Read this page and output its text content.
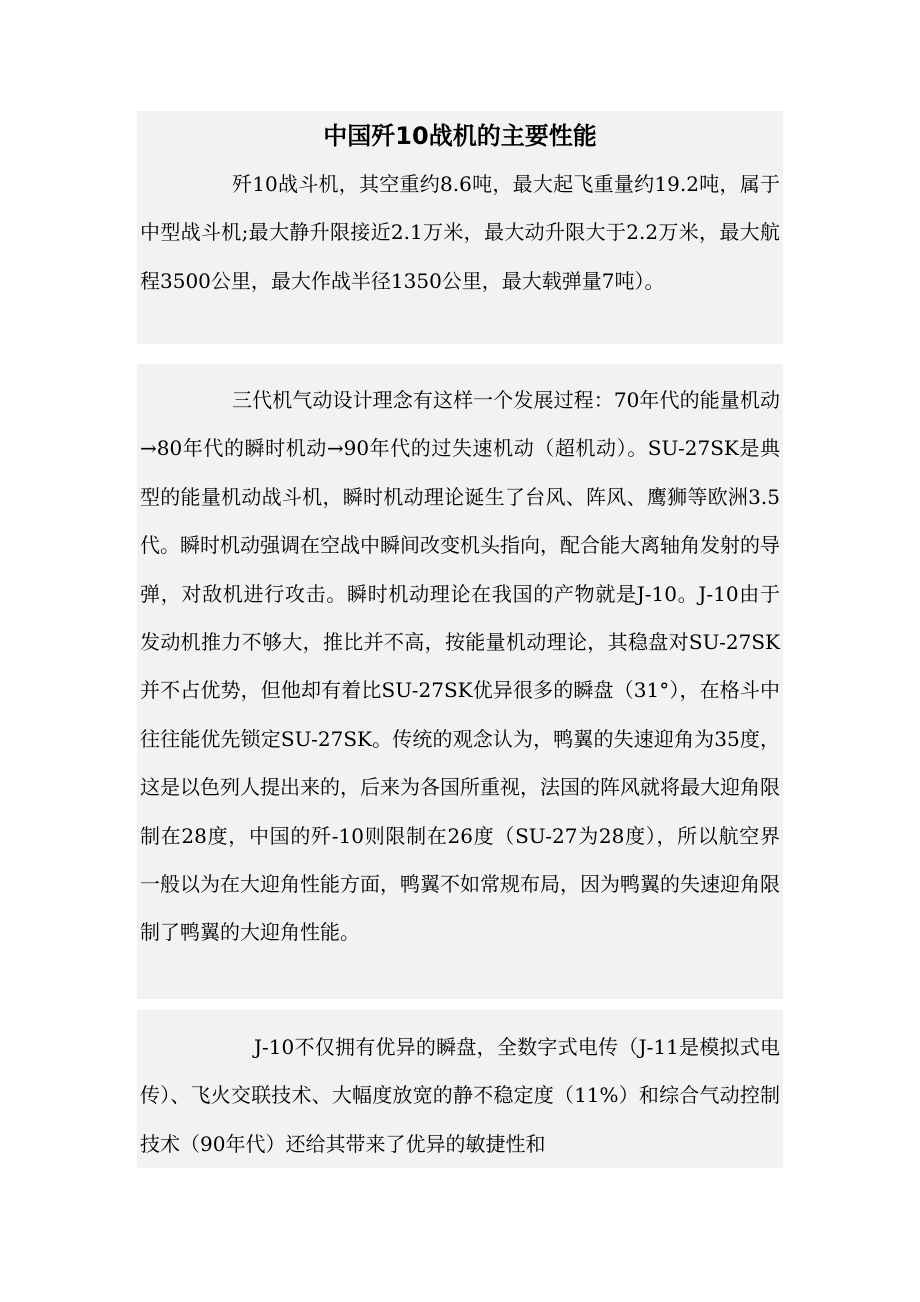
中国歼10战机的主要性能

歼10战斗机，其空重约8.6吨，最大起飞重量约19.2吨，属于中型战斗机;最大静升限接近2.1万米，最大动升限大于2.2万米，最大航程3500公里，最大作战半径1350公里，最大载弹量7吨）。

三代机气动设计理念有这样一个发展过程：70年代的能量机动→80年代的瞬时机动→90年代的过失速机动（超机动）。SU-27SK是典型的能量机动战斗机，瞬时机动理论诞生了台风、阵风、鹰狮等欧洲3.5代。瞬时机动强调在空战中瞬间改变机头指向，配合能大离轴角发射的导弹，对敌机进行攻击。瞬时机动理论在我国的产物就是J-10。J-10由于发动机推力不够大，推比并不高，按能量机动理论，其稳盘对SU-27SK并不占优势，但他却有着比SU-27SK优异很多的瞬盘（31°），在格斗中往往能优先锁定SU-27SK。传统的观念认为，鸭翼的失速迎角为35度，这是以色列人提出来的，后来为各国所重视，法国的阵风就将最大迎角限制在28度，中国的歼-10则限制在26度（SU-27为28度），所以航空界一般以为在大迎角性能方面，鸭翼不如常规布局，因为鸭翼的失速迎角限制了鸭翼的大迎角性能。

J-10不仅拥有优异的瞬盘，全数字式电传（J-11是模拟式电传）、飞火交联技术、大幅度放宽的静不稳定度（11%）和综合气动控制技术（90年代）还给其带来了优异的敏捷性和
